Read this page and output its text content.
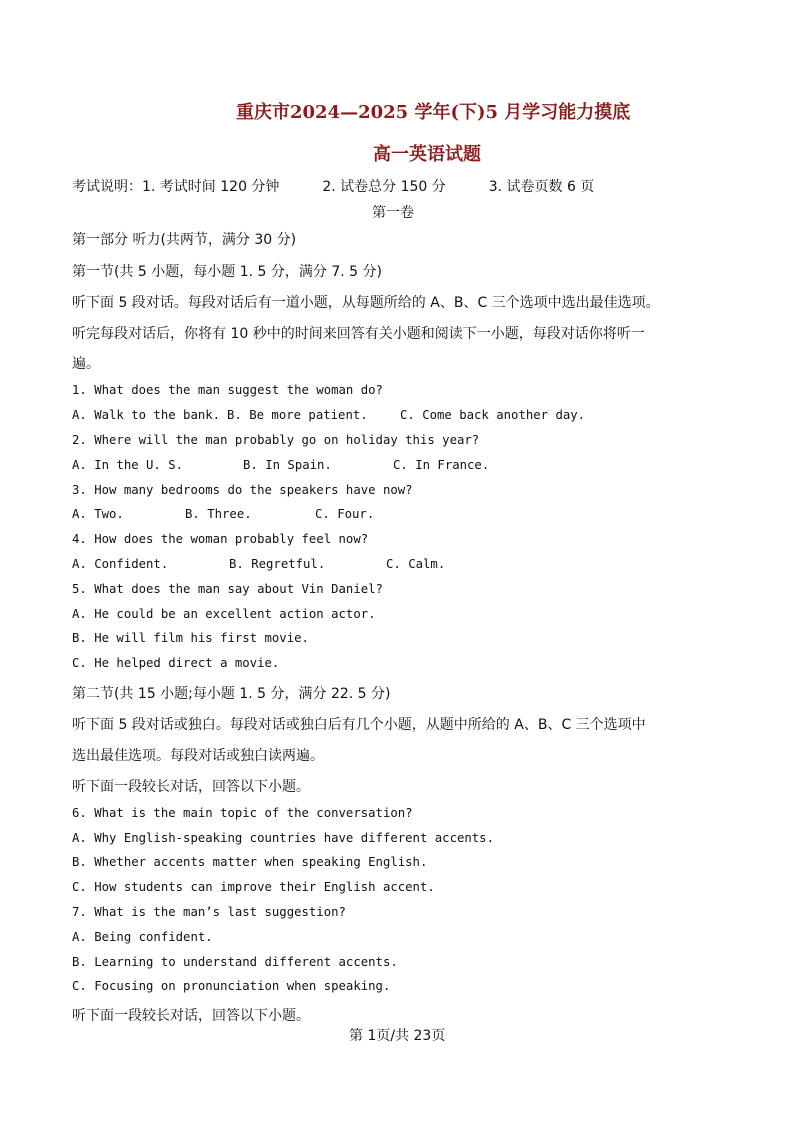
重庆市2024—2025 学年(下)5 月学习能力摸底
高一英语试题
考试说明：1. 考试时间 120 分钟	2. 试卷总分 150 分	3. 试卷页数 6 页
第一卷
第一部分 听力(共两节，满分 30 分)
第一节(共 5 小题，每小题 1. 5 分，满分 7. 5 分)
听下面 5 段对话。每段对话后有一道小题，从每题所给的 A、B、C 三个选项中选出最佳选项。
听完每段对话后，你将有 10 秒中的时间来回答有关小题和阅读下一小题，每段对话你将听一
遍。
1. What does the man suggest the woman do?
A. Walk to the bank. B. Be more patient.	C. Come back another day.
2. Where will the man probably go on holiday this year?
A. In the U. S.	B. In Spain.	C. In France.
3. How many bedrooms do the speakers have now?
A. Two.	B. Three.	C. Four.
4. How does the woman probably feel now?
A. Confident.	B. Regretful.	C. Calm.
5. What does the man say about Vin Daniel?
A. He could be an excellent action actor.
B. He will film his first movie.
C. He helped direct a movie.
第二节(共 15 小题;每小题 1. 5 分，满分 22. 5 分)
听下面 5 段对话或独白。每段对话或独白后有几个小题，从题中所给的 A、B、C 三个选项中
选出最佳选项。每段对话或独白读两遍。
听下面一段较长对话，回答以下小题。
6. What is the main topic of the conversation?
A. Why English-speaking countries have different accents.
B. Whether accents matter when speaking English.
C. How students can improve their English accent.
7. What is the man’s last suggestion?
A. Being confident.
B. Learning to understand different accents.
C. Focusing on pronunciation when speaking.
听下面一段较长对话，回答以下小题。
第 1页/共 23页
